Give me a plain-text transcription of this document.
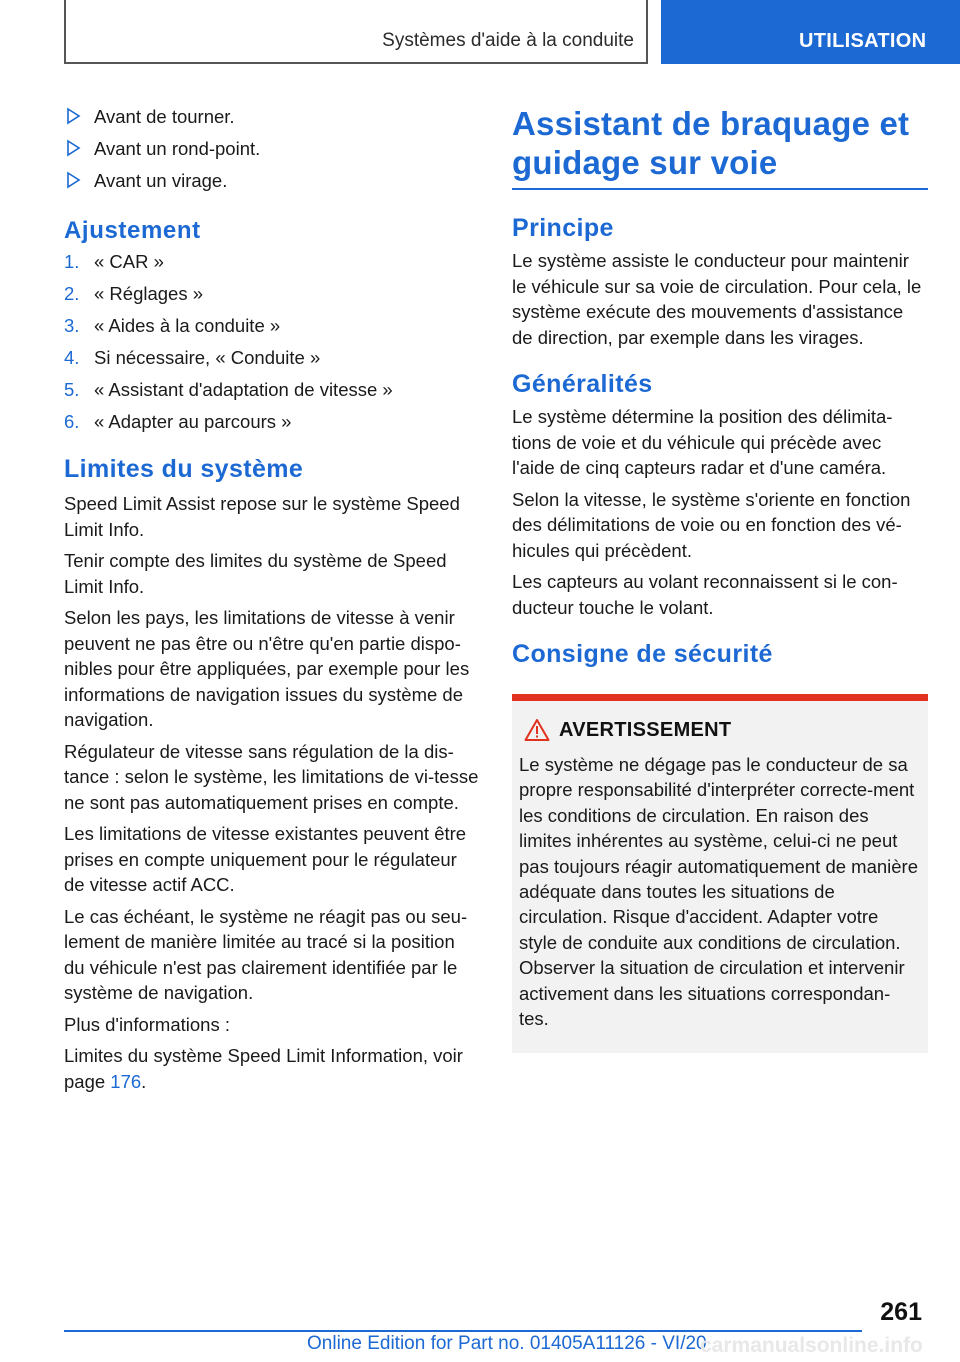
Systèmes d'aide à la conduite	UTILISATION
Avant de tourner.
Avant un rond-point.
Avant un virage.
Ajustement
1. « CAR »
2. « Réglages »
3. « Aides à la conduite »
4. Si nécessaire, « Conduite »
5. « Assistant d'adaptation de vitesse »
6. « Adapter au parcours »
Limites du système

Speed Limit Assist repose sur le système Speed Limit Info.

Tenir compte des limites du système de Speed Limit Info.

Selon les pays, les limitations de vitesse à venir peuvent ne pas être ou n'être qu'en partie dispo-nibles pour être appliquées, par exemple pour les informations de navigation issues du système de navigation.

Régulateur de vitesse sans régulation de la dis-tance : selon le système, les limitations de vi-tesse ne sont pas automatiquement prises en compte.

Les limitations de vitesse existantes peuvent être prises en compte uniquement pour le régulateur de vitesse actif ACC.

Le cas échéant, le système ne réagit pas ou seu-lement de manière limitée au tracé si la position du véhicule n'est pas clairement identifiée par le système de navigation.

Plus d'informations :

Limites du système Speed Limit Information, voir page 176.

Assistant de braquage et guidage sur voie
Principe

Le système assiste le conducteur pour maintenir le véhicule sur sa voie de circulation. Pour cela, le système exécute des mouvements d'assistance de direction, par exemple dans les virages.

Généralités

Le système détermine la position des délimita-tions de voie et du véhicule qui précède avec l'aide de cinq capteurs radar et d'une caméra.

Selon la vitesse, le système s'oriente en fonction des délimitations de voie ou en fonction des vé-hicules qui précèdent.

Les capteurs au volant reconnaissent si le con-ducteur touche le volant.

Consigne de sécurité
AVERTISSEMENT

Le système ne dégage pas le conducteur de sa propre responsabilité d'interpréter correcte-ment les conditions de circulation. En raison des limites inhérentes au système, celui-ci ne peut pas toujours réagir automatiquement de manière adéquate dans toutes les situations de circulation. Risque d'accident. Adapter votre style de conduite aux conditions de circulation. Observer la situation de circulation et intervenir activement dans les situations correspondan-tes.

261
Online Edition for Part no. 01405A11126 - VI/20
carmanualsonline.info
